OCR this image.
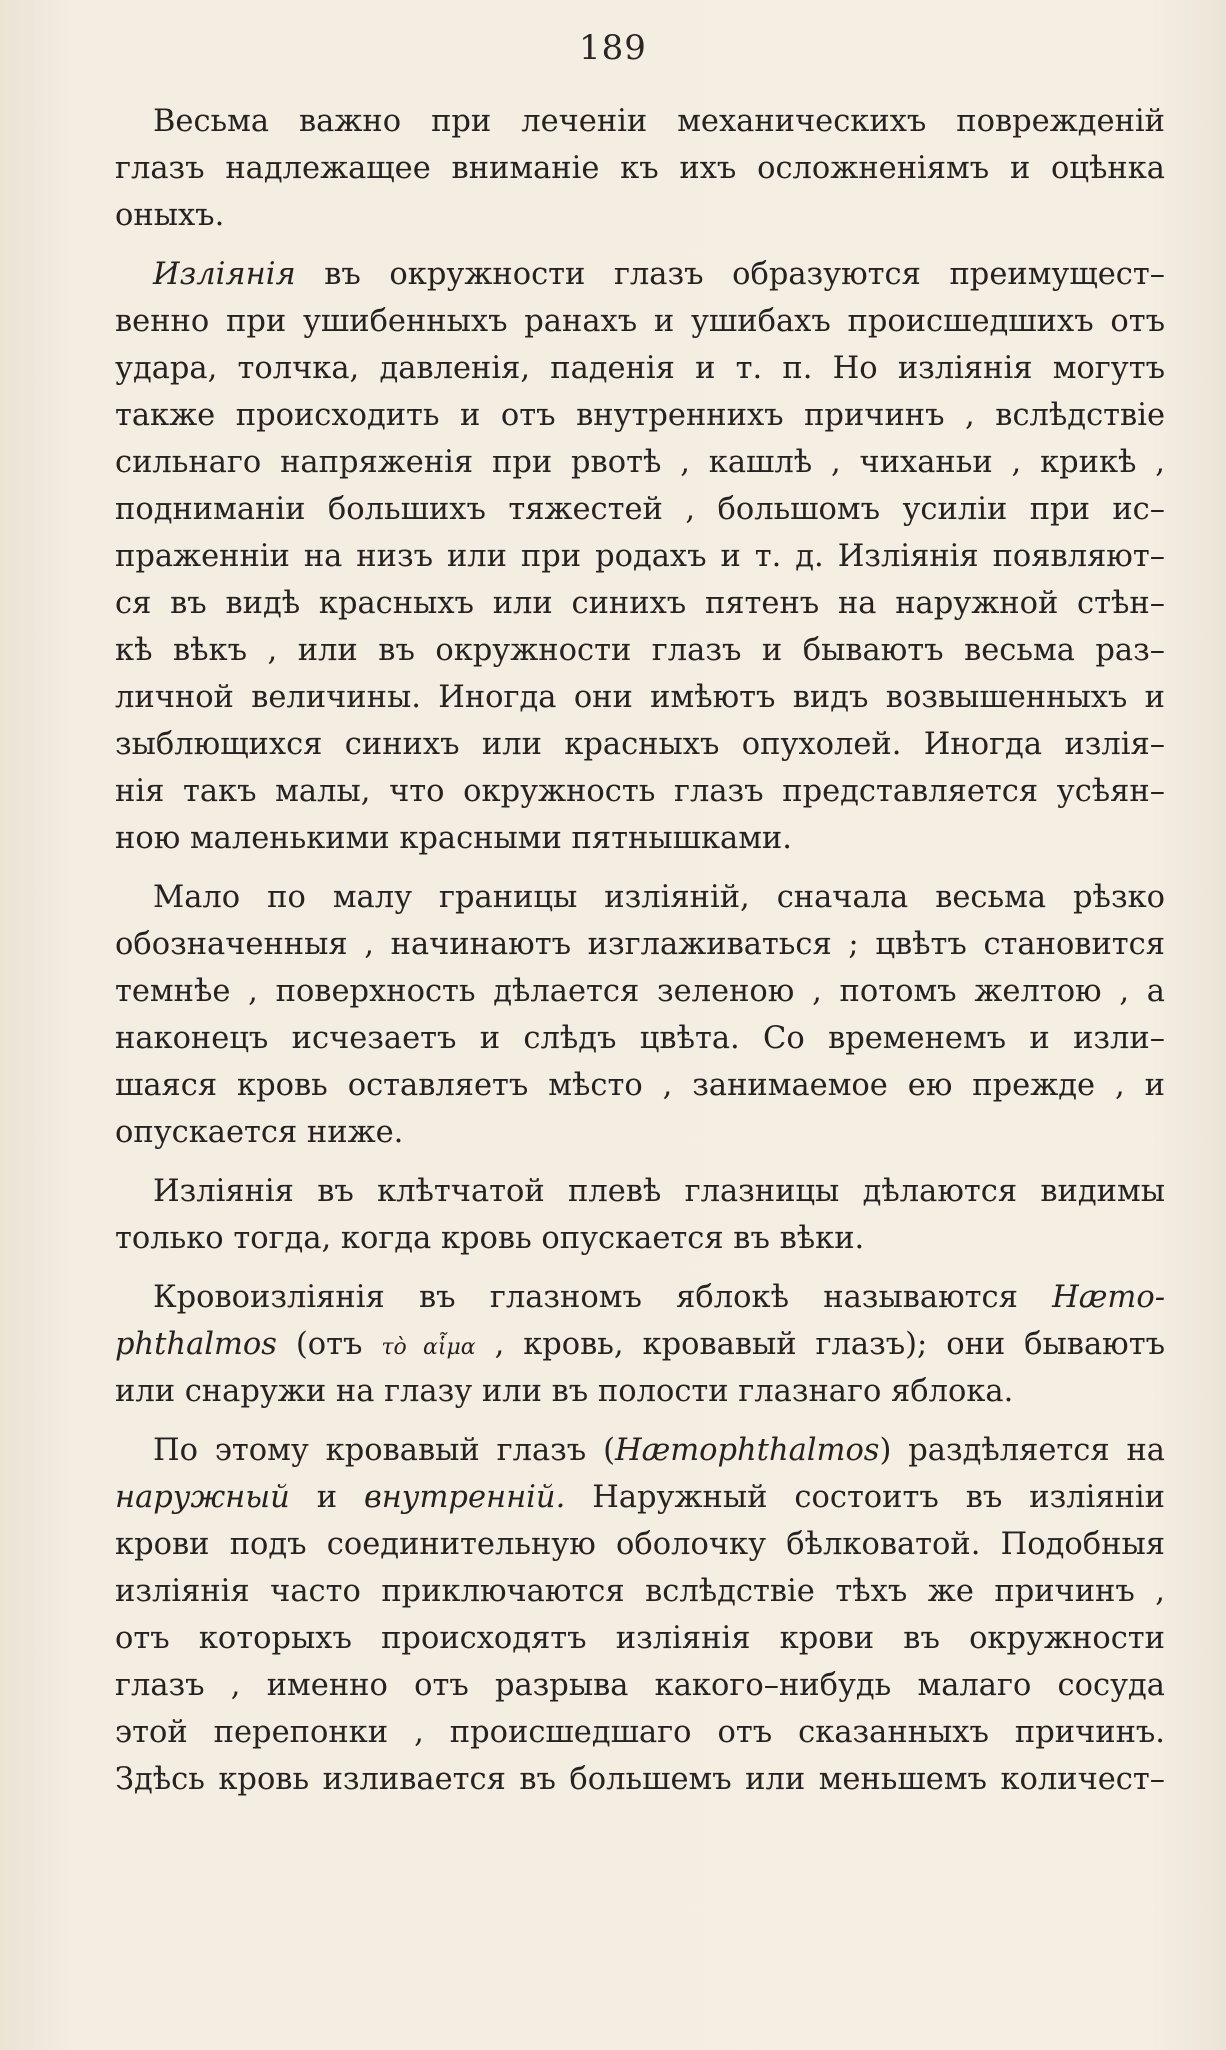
189
Весьма важно при леченіи механическихъ поврежденій
глазъ надлежащее вниманіе къ ихъ осложненіямъ и оцѣнка
оныхъ.
Изліянія въ окружности глазъ образуются преимущест–
венно при ушибенныхъ ранахъ и ушибахъ происшедшихъ отъ
удара, толчка, давленія, паденія и т. п. Но изліянія могутъ
также происходить и отъ внутреннихъ причинъ , вслѣдствіе
сильнаго напряженія при рвотѣ , кашлѣ , чиханьи , крикѣ ,
подниманіи большихъ тяжестей , большомъ усиліи при ис–
праженніи на низъ или при родахъ и т. д. Изліянія появляют–
ся въ видѣ красныхъ или синихъ пятенъ на наружной стѣн–
кѣ вѣкъ , или въ окружности глазъ и бываютъ весьма раз–
личной величины. Иногда они имѣютъ видъ возвышенныхъ и
зыблющихся синихъ или красныхъ опухолей. Иногда излія–
нія такъ малы, что окружность глазъ представляется усѣян–
ною маленькими красными пятнышками.
Мало по малу границы изліяній, сначала весьма рѣзко
обозначенныя , начинаютъ изглаживаться ; цвѣтъ становится
темнѣе , поверхность дѣлается зеленою , потомъ желтою , а
наконецъ исчезаетъ и слѣдъ цвѣта. Со временемъ и изли–
шаяся кровь оставляетъ мѣсто , занимаемое ею прежде , и
опускается ниже.
Изліянія въ клѣтчатой плевѣ глазницы дѣлаются видимы
только тогда, когда кровь опускается въ вѣки.
Кровоизліянія въ глазномъ яблокѣ называются Hæmo-
phthalmos (отъ τὸ αἷμα , кровь, кровавый глазъ); они бываютъ
или снаружи на глазу или въ полости глазнаго яблока.
По этому кровавый глазъ (Hæmophthalmos) раздѣляется на
наружный и внутренній. Наружный состоитъ въ изліяніи
крови подъ соединительную оболочку бѣлковатой. Подобныя
изліянія часто приключаются вслѣдствіе тѣхъ же причинъ ,
отъ которыхъ происходятъ изліянія крови въ окружности
глазъ , именно отъ разрыва какого–нибудь малаго сосуда
этой перепонки , происшедшаго отъ сказанныхъ причинъ.
Здѣсь кровь изливается въ большемъ или меньшемъ количест–
